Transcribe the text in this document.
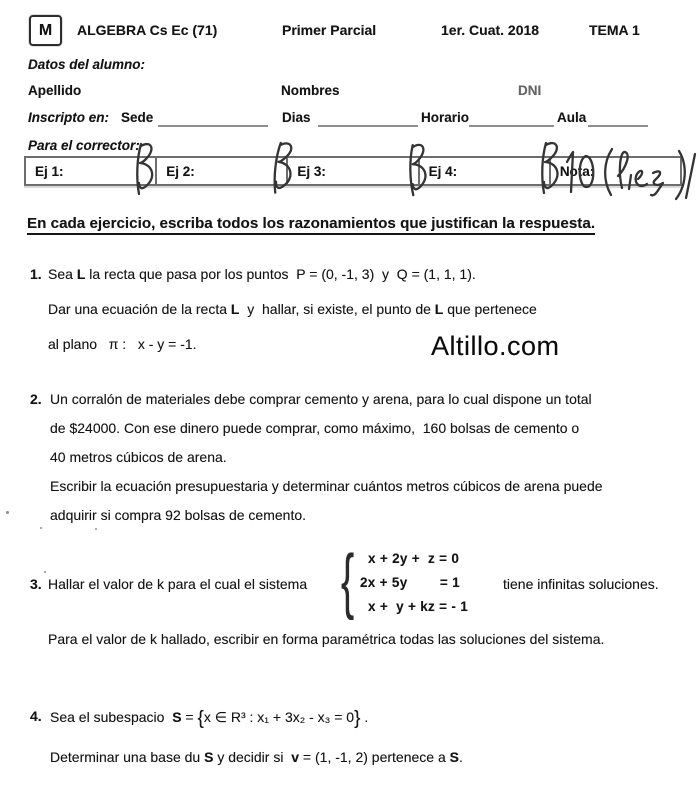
M ALGEBRA Cs Ec (71)	Primer Parcial	1er. Cuat. 2018	TEMA 1
Datos del alumno:
Apellido	Nombres	DNI
Inscripto en: Sede	Dias	Horario	Aula
Para el corrector:
Ej 1:	Ej 2:	Ej 3:	Ej 4:	Nota:
En cada ejercicio, escriba todos los razonamientos que justifican la respuesta.
1. Sea L la recta que pasa por los puntos  P = (0, -1, 3)  y  Q = (1, 1, 1).
Dar una ecuación de la recta L  y  hallar, si existe, el punto de L que pertenece
al plano   π :   x - y = -1.	Altillo.com
2. Un corralón de materiales debe comprar cemento y arena, para lo cual dispone un total
de $24000. Con ese dinero puede comprar, como máximo,  160 bolsas de cemento o
40 metros cúbicos de arena.
Escribir la ecuación presupuestaria y determinar cuántos metros cúbicos de arena puede
adquirir si compra 92 bolsas de cemento.
3. Hallar el valor de k para el cual el sistema { x + 2y +  z = 0
2x + 5y        = 1
x +  y + kz = - 1
tiene infinitas soluciones.
Para el valor de k hallado, escribir en forma paramétrica todas las soluciones del sistema.
4. Sea el subespacio  S = {x ∈ R³ : x₁ + 3x₂ - x₃ = 0} .
Determinar una base du S y decidir si  v = (1, -1, 2) pertenece a S.
